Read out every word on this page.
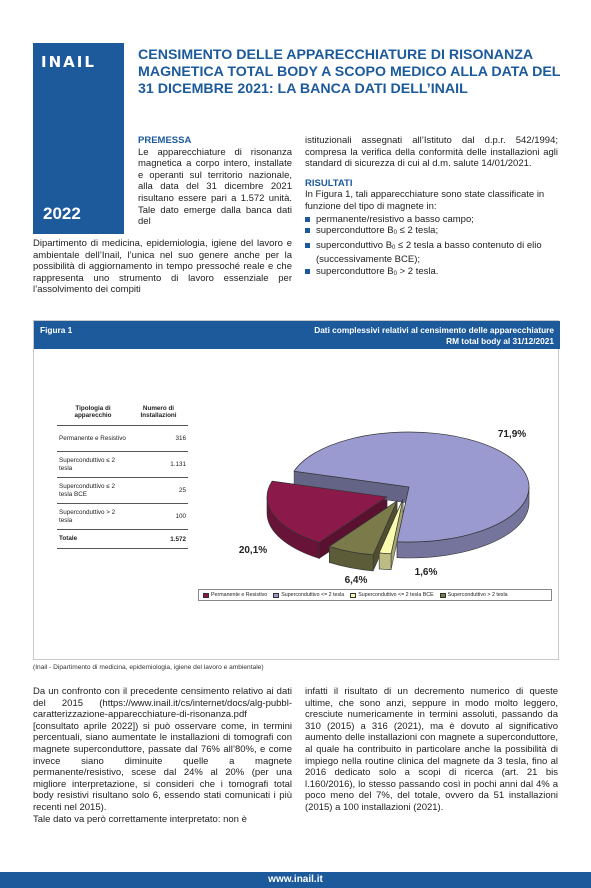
INAIL
2022
CENSIMENTO DELLE APPARECCHIATURE DI RISONANZA MAGNETICA TOTAL BODY A SCOPO MEDICO ALLA DATA DEL 31 DICEMBRE 2021: LA BANCA DATI DELL’INAIL
PREMESSA
Le apparecchiature di risonanza magnetica a corpo intero, installate e operanti sul territorio nazionale, alla data del 31 dicembre 2021 risultano essere pari a 1.572 unità. Tale dato emerge dalla banca dati del
Dipartimento di medicina, epidemiologia, igiene del lavoro e ambientale dell’Inail, l’unica nel suo genere anche per la possibilità di aggiornamento in tempo pressoché reale e che rappresenta uno strumento di lavoro essenziale per l’assolvimento dei compiti
istituzionali assegnati all’Istituto dal d.p.r. 542/1994; compresa la verifica della conformità delle installazioni agli standard di sicurezza di cui al d.m. salute 14/01/2021.
RISULTATI
In Figura 1, tali apparecchiature sono state classificate in funzione del tipo di magnete in:
permanente/resistivo a basso campo;
superconduttore $B_0 \le 2$ tesla;
superconduttivo $B_0 \le 2$ tesla a basso contenuto di elio (successivamente BCE);
superconduttore $B_0 > 2$ tesla.
Figura 1	Dati complessivi relativi al censimento delle apparecchiature
RM total body al 31/12/2021
Tipologia di apparecchio
Numero di Installazioni
Permanente e Resistivo	316
Superconduttivo ≤ 2 tesla	1.131
Superconduttivo ≤ 2 tesla BCE	25
Superconduttivo > 2 tesla	100
Totale	1.572
20,1%
71,9%
1,6%
6,4%
Permanente e Resistivo	Superconduttivo <= 2 tesla	Superconduttivo <= 2 tesla BCE	Superconduttivo > 2 tesla
(Inail - Dipartimento di medicina, epidemiologia, igiene del lavoro e ambientale)
Da un confronto con il precedente censimento relativo ai dati del 2015 (https://www.inail.it/cs/internet/docs/alg-pubbl-caratterizzazione-apparecchiature-di-risonanza.pdf [consultato aprile 2022]) si può osservare come, in termini percentuali, siano aumentate le installazioni di tomografi con magnete superconduttore, passate dal 76% all’80%, e come invece siano diminuite quelle a magnete permanente/resistivo, scese dal 24% al 20% (per una migliore interpretazione, si consideri che i tomografi total body resistivi risultano solo 6, essendo stati comunicati i più recenti nel 2015).
Tale dato va però correttamente interpretato: non è
infatti il risultato di un decremento numerico di queste ultime, che sono anzi, seppure in modo molto leggero, cresciute numericamente in termini assoluti, passando da 310 (2015) a 316 (2021), ma è dovuto al significativo aumento delle installazioni con magnete a superconduttore, al quale ha contribuito in particolare anche la possibilità di impiego nella routine clinica del magnete da 3 tesla, fino al 2016 dedicato solo a scopi di ricerca (art. 21 bis l.160/2016), lo stesso passando così in pochi anni dal 4% a poco meno del 7%, del totale, ovvero da 51 installazioni (2015) a 100 installazioni (2021).
www.inail.it
